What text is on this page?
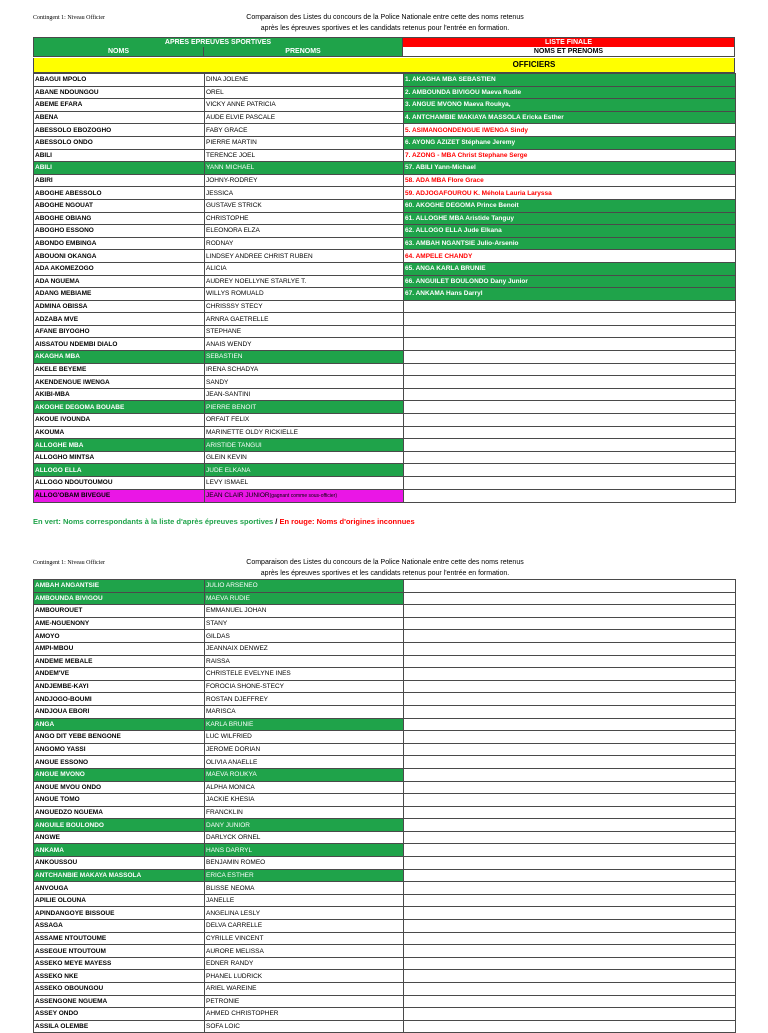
Contingent 1: Niveau Officier	Comparaison des Listes du concours de la Police Nationale entre cette des noms retenus
après les épreuves sportives et les candidats retenus pour l'entrée en formation.
APRES EPREUVES SPORTIVES	LISTE FINALE
NOMS	PRENOMS	NOMS ET PRENOMS
OFFICIERS
ABAGUI MPOLO	DINA JOLENE	1. AKAGHA MBA SEBASTIEN
ABANE NDOUNGOU	OREL	2. AMBOUNDA BIVIGOU Maeva Rudie
ABEME EFARA	VICKY ANNE PATRICIA	3. ANGUE MVONO Maeva Roukya,
ABENA	AUDE ELVIE PASCALE	4. ANTCHAMBIE MAKIAYA MASSOLA Ericka Esther
ABESSOLO EBOZOGHO	FABY GRACE	5. ASIMANGONDENGUE IWENGA Sindy
ABESSOLO ONDO	PIERRE MARTIN	6. AYONG AZIZET Stéphane Jeremy
ABILI	TERENCE JOEL	7. AZONG - MBA Christ Stephane Serge
ABILI	YANN MICHAEL	57. ABILI Yann-Michael
ABIRI	JOHNY-RODREY	58. ADA MBA Flore Grace
ABOGHE ABESSOLO	JESSICA	59. ADJOGAFOUROU K. Méhola Lauria Laryssa
ABOGHE NGOUAT	GUSTAVE STRICK	60. AKOGHE DEGOMA Prince Benoit
ABOGHE OBIANG	CHRISTOPHE	61. ALLOGHE MBA Aristide Tanguy
ABOGHO ESSONO	ELEONORA ELZA	62. ALLOGO ELLA Jude Elkana
ABONDO EMBINGA	RODNAY	63. AMBAH NGANTSIE Julio-Arsenio
ABOUONI OKANGA	LINDSEY ANDREE CHRIST RUBEN	64. AMPELE CHANDY
ADA AKOMEZOGO	ALICIA	65. ANGA KARLA BRUNIE
ADA NGUEMA	AUDREY NOELLYNE STARLYE T.	66. ANGUILET BOULONDO Dany Junior
ADANG MEBIAME	WILLYS ROMUALD	67. ANKAMA Hans Darryl
ADMINA OBISSA	CHRISSSY STECY	
ADZABA MVE	ARNRA GAETRELLE	
AFANE BIYOGHO	STEPHANE	
AISSATOU NDEMBI DIALO	ANAIS WENDY	
AKAGHA MBA	SEBASTIEN	
AKELE BEYEME	IRENA SCHADYA	
AKENDENGUE IWENGA	SANDY	
AKIBI-MBA	JEAN-SANTINI	
AKOGHE DEGOMA BOUABE	PIERRE BENOIT	
AKOUE IVOUNDA	ORFAIT FELIX	
AKOUMA	MARINETTE OLDY RICKIELLE	
ALLOGHE MBA	ARISTIDE TANGUI	
ALLOGHO MINTSA	GLEIN KEVIN	
ALLOGO ELLA	JUDE ELKANA	
ALLOGO NDOUTOUMOU	LEVY ISMAEL	
ALLOG'OBAM BIVEGUE	JEAN CLAIR JUNIOR(gagnant comme sous-officier)	
En vert: Noms correspondants à la liste d'après épreuves sportives / En rouge: Noms d'origines inconnues
Contingent 1: Niveau Officier	Comparaison des Listes du concours de la Police Nationale entre cette des noms retenus
après les épreuves sportives et les candidats retenus pour l'entrée en formation.
AMBAH ANGANTSIE	JULIO ARSENEO	
AMBOUNDA BIVIGOU	MAEVA RUDIE	
AMBOUROUET	EMMANUEL JOHAN	
AME-NGUENONY	STANY	
AMOYO	GILDAS	
AMPI-MBOU	JEANNAIX DENWEZ	
ANDEME MEBALE	RAISSA	
ANDEM'VE	CHRISTELE EVELYNE INES	
ANDJEMBE-KAYI	FOROCIA SHONE-STECY	
ANDJOGO-BOUMI	ROSTAN DJEFFREY	
ANDJOUA EBORI	MARISCA	
ANGA	KARLA BRUNIE	
ANGO DIT YEBE BENGONE	LUC WILFRIED	
ANGOMO YASSI	JEROME DORIAN	
ANGUE ESSONO	OLIVIA ANAELLE	
ANGUE MVONO	MAEVA ROUKYA	
ANGUE MVOU ONDO	ALPHA MONICA	
ANGUE TOMO	JACKIE KHESIA	
ANGUEDZO NGUEMA	FRANCKLIN	
ANGUILE BOULONDO	DANY JUNIOR	
ANGWE	DARLYCK ORNEL	
ANKAMA	HANS DARRYL	
ANKOUSSOU	BENJAMIN ROMEO	
ANTCHANBIE MAKAYA MASSOLA	ERICA ESTHER	
ANVOUGA	BLISSE NEOMA	
APILIE OLOUNA	JANELLE	
APINDANGOYE BISSOUE	ANGELINA LESLY	
ASSAGA	DELVA CARRELLE	
ASSAME NTOUTOUME	CYRILLE VINCENT	
ASSEGUE NTOUTOUM	AURORE MELISSA	
ASSEKO MEYE MAYESS	EDNER RANDY	
ASSEKO NKE	PHANEL LUDRICK	
ASSEKO OBOUNGOU	ARIEL WAREINE	
ASSENGONE NGUEMA	PETRONIE	
ASSEY ONDO	AHMED CHRISTOPHER	
ASSILA OLEMBE	SOFA LOIC	
